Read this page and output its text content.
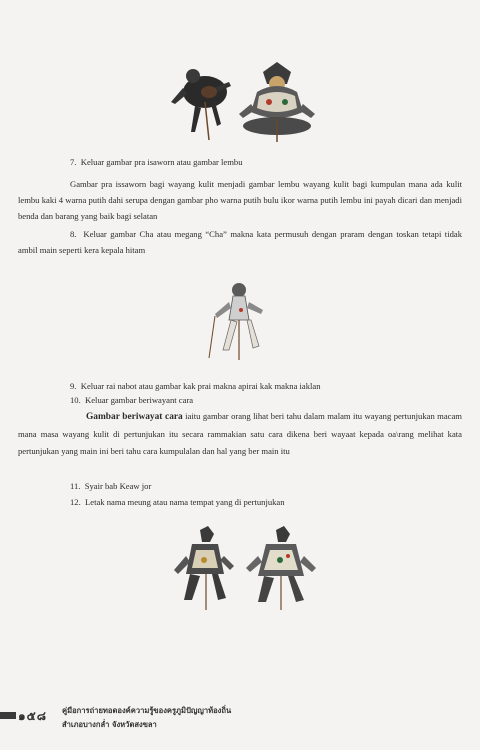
7.  Keluar gambar pra isaworn atau gambar lembu
Gambar pra issaworn bagi wayang kulit menjadi gambar lembu wayang kulit bagi kumpulan mana ada kulit lembu kaki 4 warna putih dahi serupa dengan gambar pho warna putih bulu ikor warna putih lembu ini payah dicari dan menjadi benda dan barang yang baik bagi selatan
8.  Keluar gambar Cha atau megang “Cha” makna kata permusuh dengan praram dengan toskan tetapi tidak ambil main seperti kera kepala hitam
9.  Keluar rai nabot atau gambar kak prai makna apirai kak makna iaklan
10.  Keluar gambar beriwayant cara
Gambar beriwayat cara iaitu gambar orang lihat beri tahu dalam malam itu wayang pertunjukan macam mana masa wayang kulit di pertunjukan itu secara rammakian satu cara dikena beri wayaat kepada oa\rang melihat kata pertunjukan yang main ini beri tahu cara kumpulalan dan hal yang ber main itu
11.  Syair bab Keaw jor
12.  Letak nama meung atau nama tempat yang di pertunjukan
๑๕๘ คู่มือการถ่ายทอดองค์ความรู้ของครูภูมิปัญญาท้องถิ่น
สำเภอบางกล่ำ จังหวัดสงขลา
